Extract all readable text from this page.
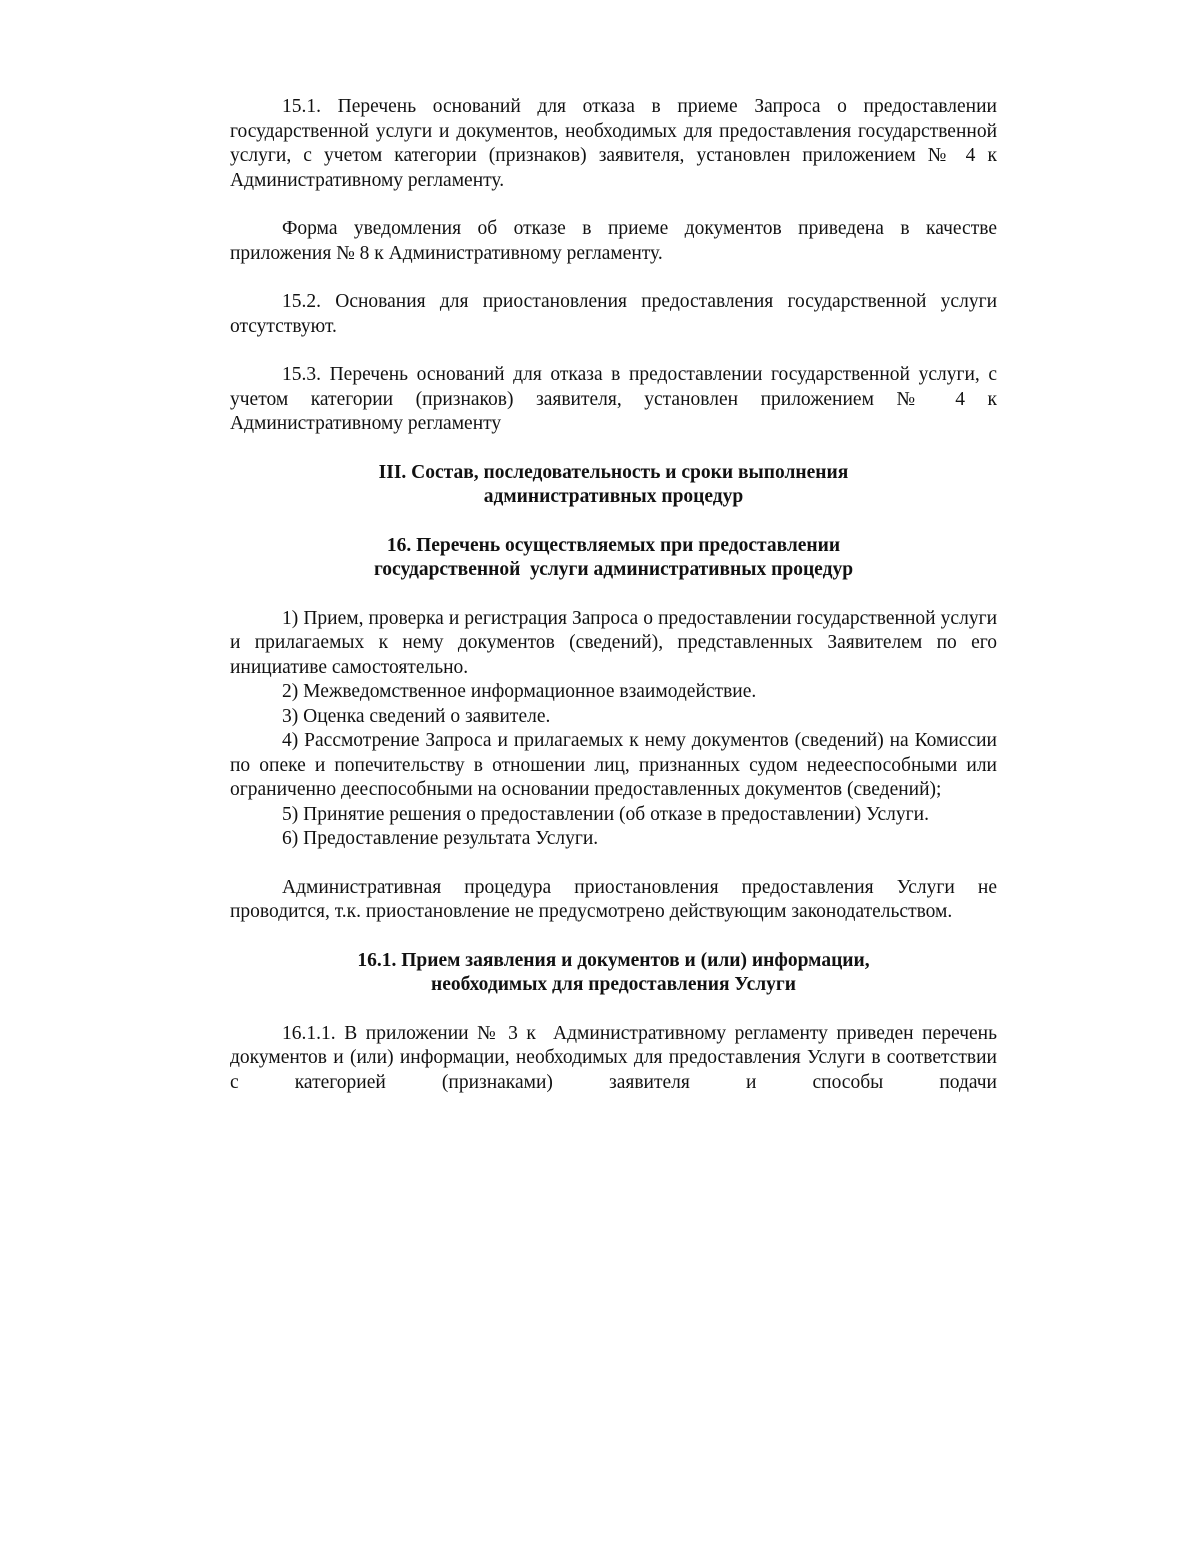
15.1. Перечень оснований для отказа в приеме Запроса о предоставлении государственной услуги и документов, необходимых для предоставления государственной услуги, с учетом категории (признаков) заявителя, установлен приложением № 4 к Административному регламенту.

Форма уведомления об отказе в приеме документов приведена в качестве приложения № 8 к Административному регламенту.

15.2. Основания для приостановления предоставления государственной услуги отсутствуют.

15.3. Перечень оснований для отказа в предоставлении государственной услуги, с учетом категории (признаков) заявителя, установлен приложением № 4 к Административному регламенту

III. Состав, последовательность и сроки выполнения

административных процедур

16. Перечень осуществляемых при предоставлении

государственной  услуги административных процедур

1) Прием, проверка и регистрация Запроса о предоставлении государственной услуги и прилагаемых к нему документов (сведений), представленных Заявителем по его инициативе самостоятельно.

2) Межведомственное информационное взаимодействие.

3) Оценка сведений о заявителе.

4) Рассмотрение Запроса и прилагаемых к нему документов (сведений) на Комиссии по опеке и попечительству в отношении лиц, признанных судом недееспособными или ограниченно дееспособными на основании предоставленных документов (сведений);

5) Принятие решения о предоставлении (об отказе в предоставлении) Услуги.

6) Предоставление результата Услуги.

Административная процедура приостановления предоставления Услуги не проводится, т.к. приостановление не предусмотрено действующим законодательством.

16.1. Прием заявления и документов и (или) информации,

необходимых для предоставления Услуги

16.1.1. В приложении № 3 к  Административному регламенту приведен перечень документов и (или) информации, необходимых для предоставления Услуги в соответствии с категорией (признаками) заявителя и способы подачи
